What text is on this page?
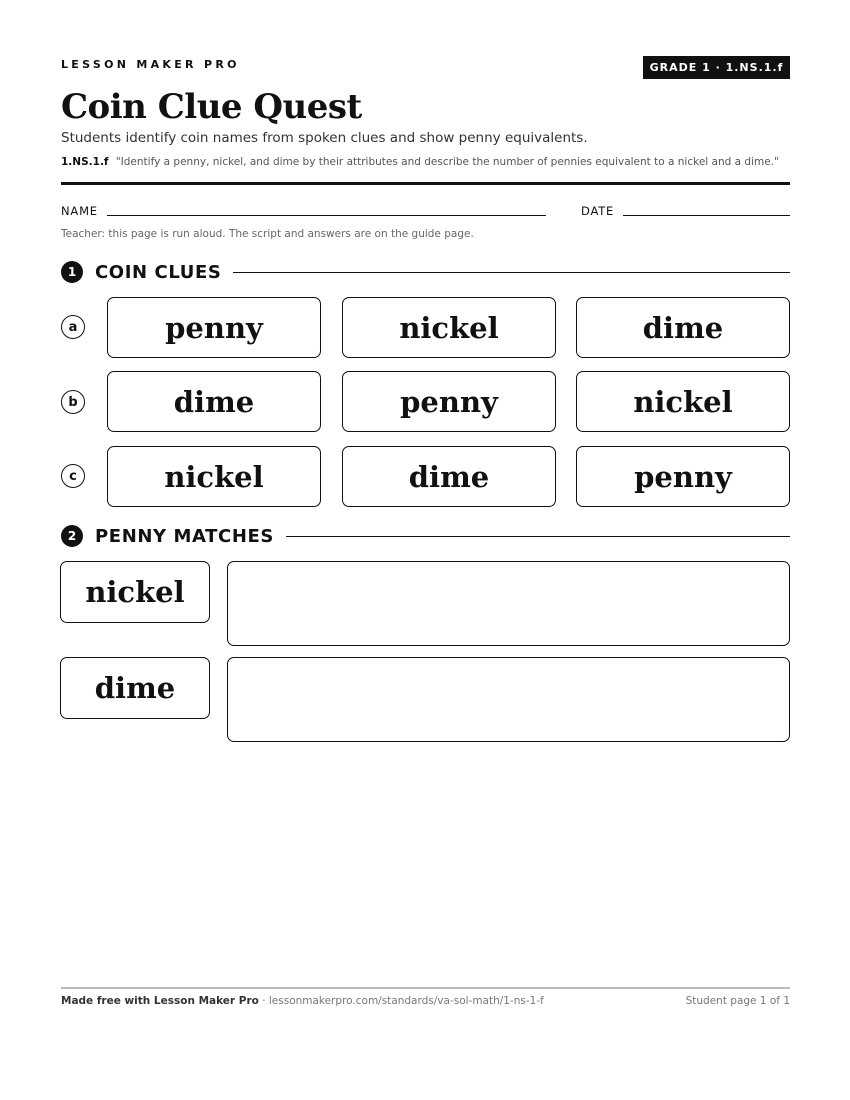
LESSON MAKER PRO	GRADE 1 · 1.NS.1.f
Coin Clue Quest
Students identify coin names from spoken clues and show penny equivalents.
1.NS.1.f "Identify a penny, nickel, and dime by their attributes and describe the number of pennies equivalent to a nickel and a dime."
NAME	DATE
Teacher: this page is run aloud. The script and answers are on the guide page.
1	COIN CLUES
a	penny	nickel	dime
b	dime	penny	nickel
c	nickel	dime	penny
2	PENNY MATCHES
nickel
dime
Made free with Lesson Maker Pro · lessonmakerpro.com/standards/va-sol-math/1-ns-1-f	Student page 1 of 1
